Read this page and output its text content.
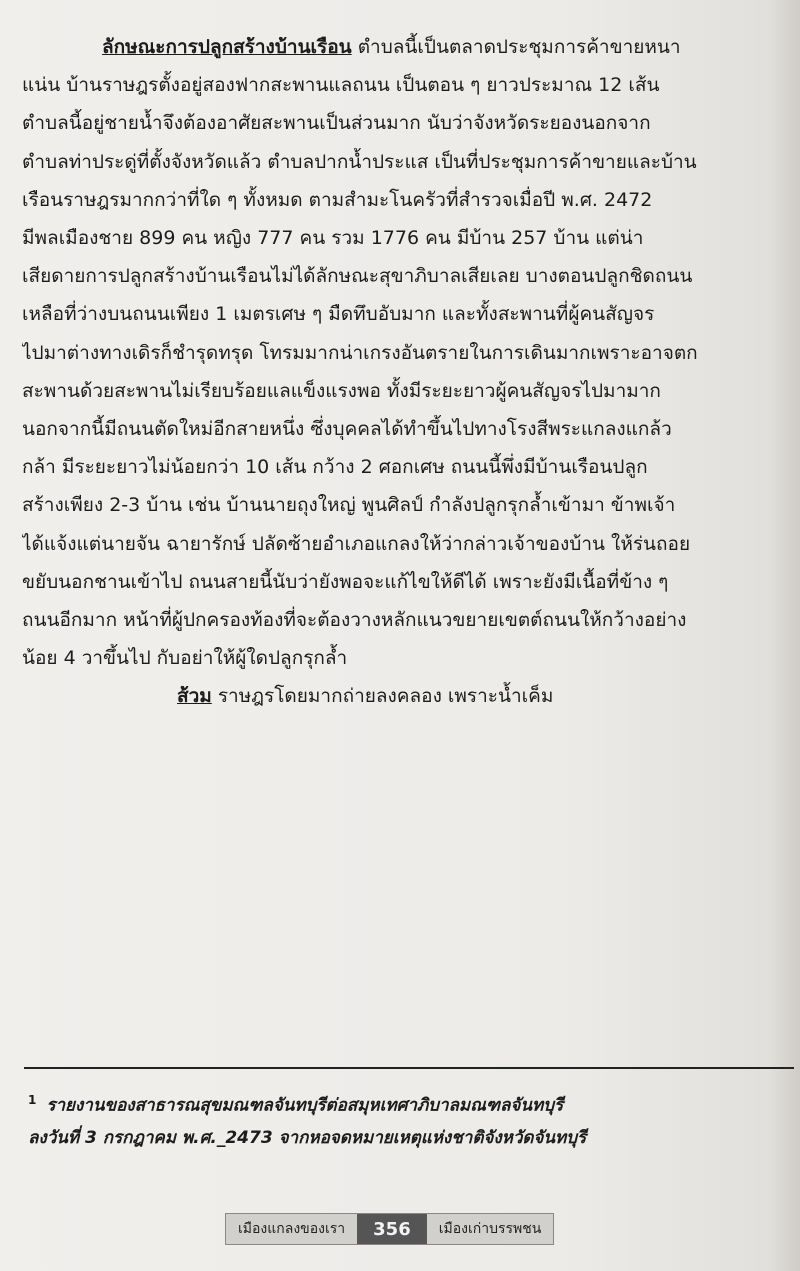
ลักษณะการปลูกสร้างบ้านเรือน ตำบลนี้เป็นตลาดประชุมการค้าขายหนา
แน่น บ้านราษฎรตั้งอยู่สองฟากสะพานแลถนน เป็นตอน ๆ ยาวประมาณ 12 เส้น
ตำบลนี้อยู่ชายน้ำจึงต้องอาศัยสะพานเป็นส่วนมาก นับว่าจังหวัดระยองนอกจาก
ตำบลท่าประดู่ที่ตั้งจังหวัดแล้ว ตำบลปากน้ำประแส เป็นที่ประชุมการค้าขายและบ้าน
เรือนราษฎรมากกว่าที่ใด ๆ ทั้งหมด ตามสำมะโนครัวที่สำรวจเมื่อปี พ.ศ. 2472
มีพลเมืองชาย 899 คน หญิง 777 คน รวม 1776 คน มีบ้าน 257 บ้าน แต่น่า
เสียดายการปลูกสร้างบ้านเรือนไม่ได้ลักษณะสุขาภิบาลเสียเลย บางตอนปลูกชิดถนน
เหลือที่ว่างบนถนนเพียง 1 เมตรเศษ ๆ มืดทึบอับมาก และทั้งสะพานที่ผู้คนสัญจร
ไปมาต่างทางเดิรก็ชำรุดทรุด โทรมมากน่าเกรงอันตรายในการเดินมากเพราะอาจตก
สะพานด้วยสะพานไม่เรียบร้อยแลแข็งแรงพอ ทั้งมีระยะยาวผู้คนสัญจรไปมามาก
นอกจากนี้มีถนนตัดใหม่อีกสายหนึ่ง ซึ่งบุคคลได้ทำขึ้นไปทางโรงสีพระแกลงแกล้ว
กล้า มีระยะยาวไม่น้อยกว่า 10 เส้น กว้าง 2 ศอกเศษ ถนนนี้พึ่งมีบ้านเรือนปลูก
สร้างเพียง 2-3 บ้าน เช่น บ้านนายถุงใหญ่ พูนศิลป์ กำลังปลูกรุกล้ำเข้ามา ข้าพเจ้า
ได้แจ้งแต่นายจัน ฉายารักษ์ ปลัดซ้ายอำเภอแกลงให้ว่ากล่าวเจ้าของบ้าน ให้ร่นถอย
ขยับนอกชานเข้าไป ถนนสายนี้นับว่ายังพอจะแก้ไขให้ดีได้ เพราะยังมีเนื้อที่ข้าง ๆ
ถนนอีกมาก หน้าที่ผู้ปกครองท้องที่จะต้องวางหลักแนวขยายเขตต์ถนนให้กว้างอย่าง
น้อย 4 วาขึ้นไป กับอย่าให้ผู้ใดปลูกรุกล้ำ
ส้วม ราษฎรโดยมากถ่ายลงคลอง เพราะน้ำเค็ม
$^1$ รายงานของสาธารณสุขมณฑลจันทบุรีต่อสมุหเทศาภิบาลมณฑลจันทบุรี
ลงวันที่ 3 กรกฎาคม พ.ศ._2473 จากหอจดหมายเหตุแห่งชาติจังหวัดจันทบุรี
เมืองแกลงของเรา	356	เมืองเก่าบรรพชน
